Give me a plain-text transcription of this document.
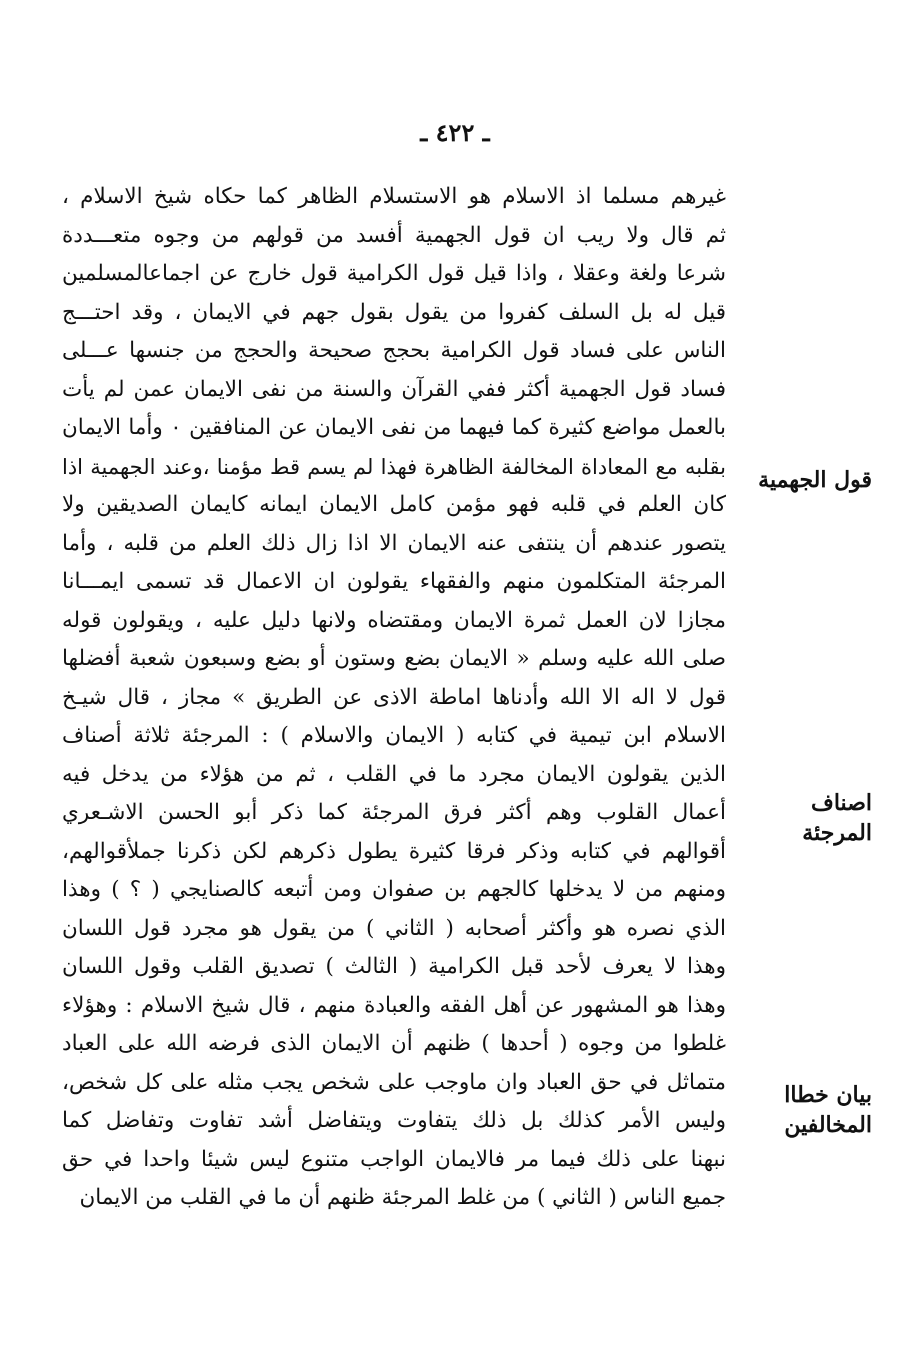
ـ ٤٢٢ ـ
غيرهم مسلما اذ الاسلام هو الاستسلام الظاهر كما حكاه شيخ الاسلام ،
ثم قال ولا ريب ان قول الجهمية أفسد من قولهم من وجوه متعـــددة
شرعا ولغة وعقلا ، واذا قيل قول الكرامية قول خارج عن اجماعالمسلمين
قيل له بل السلف كفروا من يقول بقول جهم في الايمان ، وقد احتـــج
الناس على فساد قول الكرامية بحجج صحيحة والحجج من جنسها عـــلى
فساد قول الجهمية أكثر ففي القرآن والسنة من نفى الايمان عمن لم يأت
بالعمل مواضع كثيرة كما فيهما من نفى الايمان عن المنافقين ٠ وأما الايمان
بقلبه مع المعاداة المخالفة الظاهرة فهذا لم يسم قط مؤمنا ،وعند الجهمية اذا
كان العلم في قلبه فهو مؤمن كامل الايمان ايمانه كايمان الصديقين ولا
يتصور عندهم أن ينتفى عنه الايمان الا اذا زال ذلك العلم من قلبه ، وأما
المرجئة المتكلمون منهم والفقهاء يقولون ان الاعمال قد تسمى ايمـــانا
مجازا لان العمل ثمرة الايمان ومقتضاه ولانها دليل عليه ، ويقولون قوله
صلى الله عليه وسلم « الايمان بضع وستون أو بضع وسبعون شعبة أفضلها
قول لا اله الا الله وأدناها اماطة الاذى عن الطريق » مجاز ، قال شيـخ
الاسلام ابن تيمية في كتابه ( الايمان والاسلام ) : المرجئة ثلاثة أصناف
الذين يقولون الايمان مجرد ما في القلب ، ثم من هؤلاء من يدخل فيه
أعمال القلوب وهم أكثر فرق المرجئة كما ذكر أبو الحسن الاشـعري
أقوالهم في كتابه وذكر فرقا كثيرة يطول ذكرهم لكن ذكرنا جملأقوالهم،
ومنهم من لا يدخلها كالجهم بن صفوان ومن أتبعه كالصنايجي ( ؟ ) وهذا
الذي نصره هو وأكثر أصحابه ( الثاني ) من يقول هو مجرد قول اللسان
وهذا لا يعرف لأحد قبل الكرامية ( الثالث ) تصديق القلب وقول اللسان
وهذا هو المشهور عن أهل الفقه والعبادة منهم ، قال شيخ الاسلام : وهؤلاء
غلطوا من وجوه ( أحدها ) ظنهم أن الايمان الذى فرضه الله على العباد
متماثل في حق العباد وان ماوجب على شخص يجب مثله على كل شخص،
وليس الأمر كذلك بل ذلك يتفاوت ويتفاضل أشد تفاوت وتفاضل كما
نبهنا على ذلك فيما مر فالايمان الواجب متنوع ليس شيئا واحدا في حق
جميع الناس ( الثاني ) من غلط المرجئة ظنهم أن ما في القلب من الايمان
قول الجهمية
اصناف
المرجئة
بيان خطاا
المخالفين
